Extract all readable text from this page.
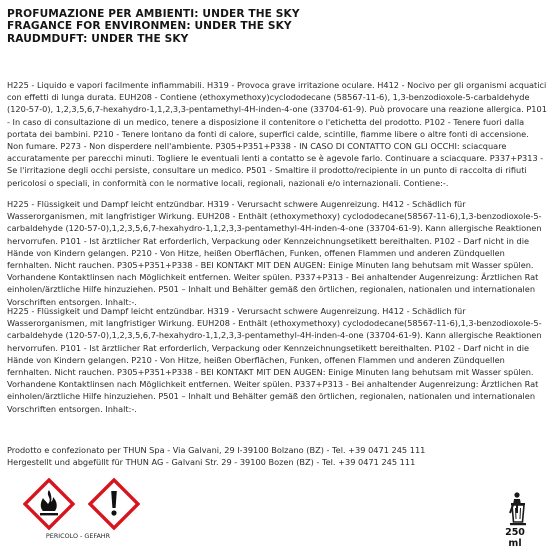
PROFUMAZIONE PER AMBIENTI: UNDER THE SKY
FRAGANCE FOR ENVIRONMEN: UNDER THE SKY
RAUDMDUFT: UNDER THE SKY

H225 - Liquido e vapori facilmente infiammabili. H319 - Provoca grave irritazione oculare. H412 - Nocivo per gli organismi acquatici con effetti di lunga durata. EUH208 - Contiene (ethoxymethoxy)cyclododecane (58567-11-6), 1,3-benzodioxole-5-carbaldehyde (120-57-0), 1,2,3,5,6,7-hexahydro-1,1,2,3,3-pentamethyl-4H-inden-4-one (33704-61-9). Può provocare una reazione allergica. P101 - In caso di consultazione di un medico, tenere a disposizione il contenitore o l'etichetta del prodotto. P102 - Tenere fuori dalla portata dei bambini. P210 - Tenere lontano da fonti di calore, superfici calde, scintille, fiamme libere o altre fonti di accensione. Non fumare. P273 - Non disperdere nell'ambiente. P305+P351+P338 - IN CASO DI CONTATTO CON GLI OCCHI: sciacquare accuratamente per parecchi minuti. Togliere le eventuali lenti a contatto se è agevole farlo. Continuare a sciacquare. P337+P313 - Se l'irritazione degli occhi persiste, consultare un medico. P501 - Smaltire il prodotto/recipiente in un punto di raccolta di rifiuti pericolosi o speciali, in conformità con le normative locali, regionali, nazionali e/o internazionali. Contiene:-.

H225 - Flüssigkeit und Dampf leicht entzündbar. H319 - Verursacht schwere Augenreizung. H412 - Schädlich für Wasserorganismen, mit langfristiger Wirkung. EUH208 - Enthält (ethoxymethoxy) cyclododecane(58567-11-6),1,3-benzodioxole-5-carbaldehyde (120-57-0),1,2,3,5,6,7-hexahydro-1,1,2,3,3-pentamethyl-4H-inden-4-one (33704-61-9). Kann allergische Reaktionen hervorrufen. P101 - Ist ärztlicher Rat erforderlich, Verpackung oder Kennzeichnungsetikett bereithalten. P102 - Darf nicht in die Hände von Kindern gelangen. P210 - Von Hitze, heißen Oberflächen, Funken, offenen Flammen und anderen Zündquellen fernhalten. Nicht rauchen. P305+P351+P338 - BEI KONTAKT MIT DEN AUGEN: Einige Minuten lang behutsam mit Wasser spülen. Vorhandene Kontaktlinsen nach Möglichkeit entfernen. Weiter spülen. P337+P313 - Bei anhaltender Augenreizung: Ärztlichen Rat einholen/ärztliche Hilfe hinzuziehen. P501 – Inhalt und Behälter gemäß den örtlichen, regionalen, nationalen und internationalen Vorschriften entsorgen. Inhalt:-.

H225 - Flüssigkeit und Dampf leicht entzündbar. H319 - Verursacht schwere Augenreizung. H412 - Schädlich für Wasserorganismen, mit langfristiger Wirkung. EUH208 - Enthält (ethoxymethoxy) cyclododecane(58567-11-6),1,3-benzodioxole-5-carbaldehyde (120-57-0),1,2,3,5,6,7-hexahydro-1,1,2,3,3-pentamethyl-4H-inden-4-one (33704-61-9). Kann allergische Reaktionen hervorrufen. P101 - Ist ärztlicher Rat erforderlich, Verpackung oder Kennzeichnungsetikett bereithalten. P102 - Darf nicht in die Hände von Kindern gelangen. P210 - Von Hitze, heißen Oberflächen, Funken, offenen Flammen und anderen Zündquellen fernhalten. Nicht rauchen. P305+P351+P338 - BEI KONTAKT MIT DEN AUGEN: Einige Minuten lang behutsam mit Wasser spülen. Vorhandene Kontaktlinsen nach Möglichkeit entfernen. Weiter spülen. P337+P313 - Bei anhaltender Augenreizung: Ärztlichen Rat einholen/ärztliche Hilfe hinzuziehen. P501 – Inhalt und Behälter gemäß den örtlichen, regionalen, nationalen und internationalen Vorschriften entsorgen. Inhalt:-.

Prodotto e confezionato per THUN Spa - Via Galvani, 29 I-39100 Bolzano (BZ) - Tel. +39 0471 245 111
Hergestellt und abgefüllt für THUN AG - Galvani Str. 29 - 39100 Bozen (BZ) - Tel. +39 0471 245 111
PERICOLO - GEFAHR	250
ml
